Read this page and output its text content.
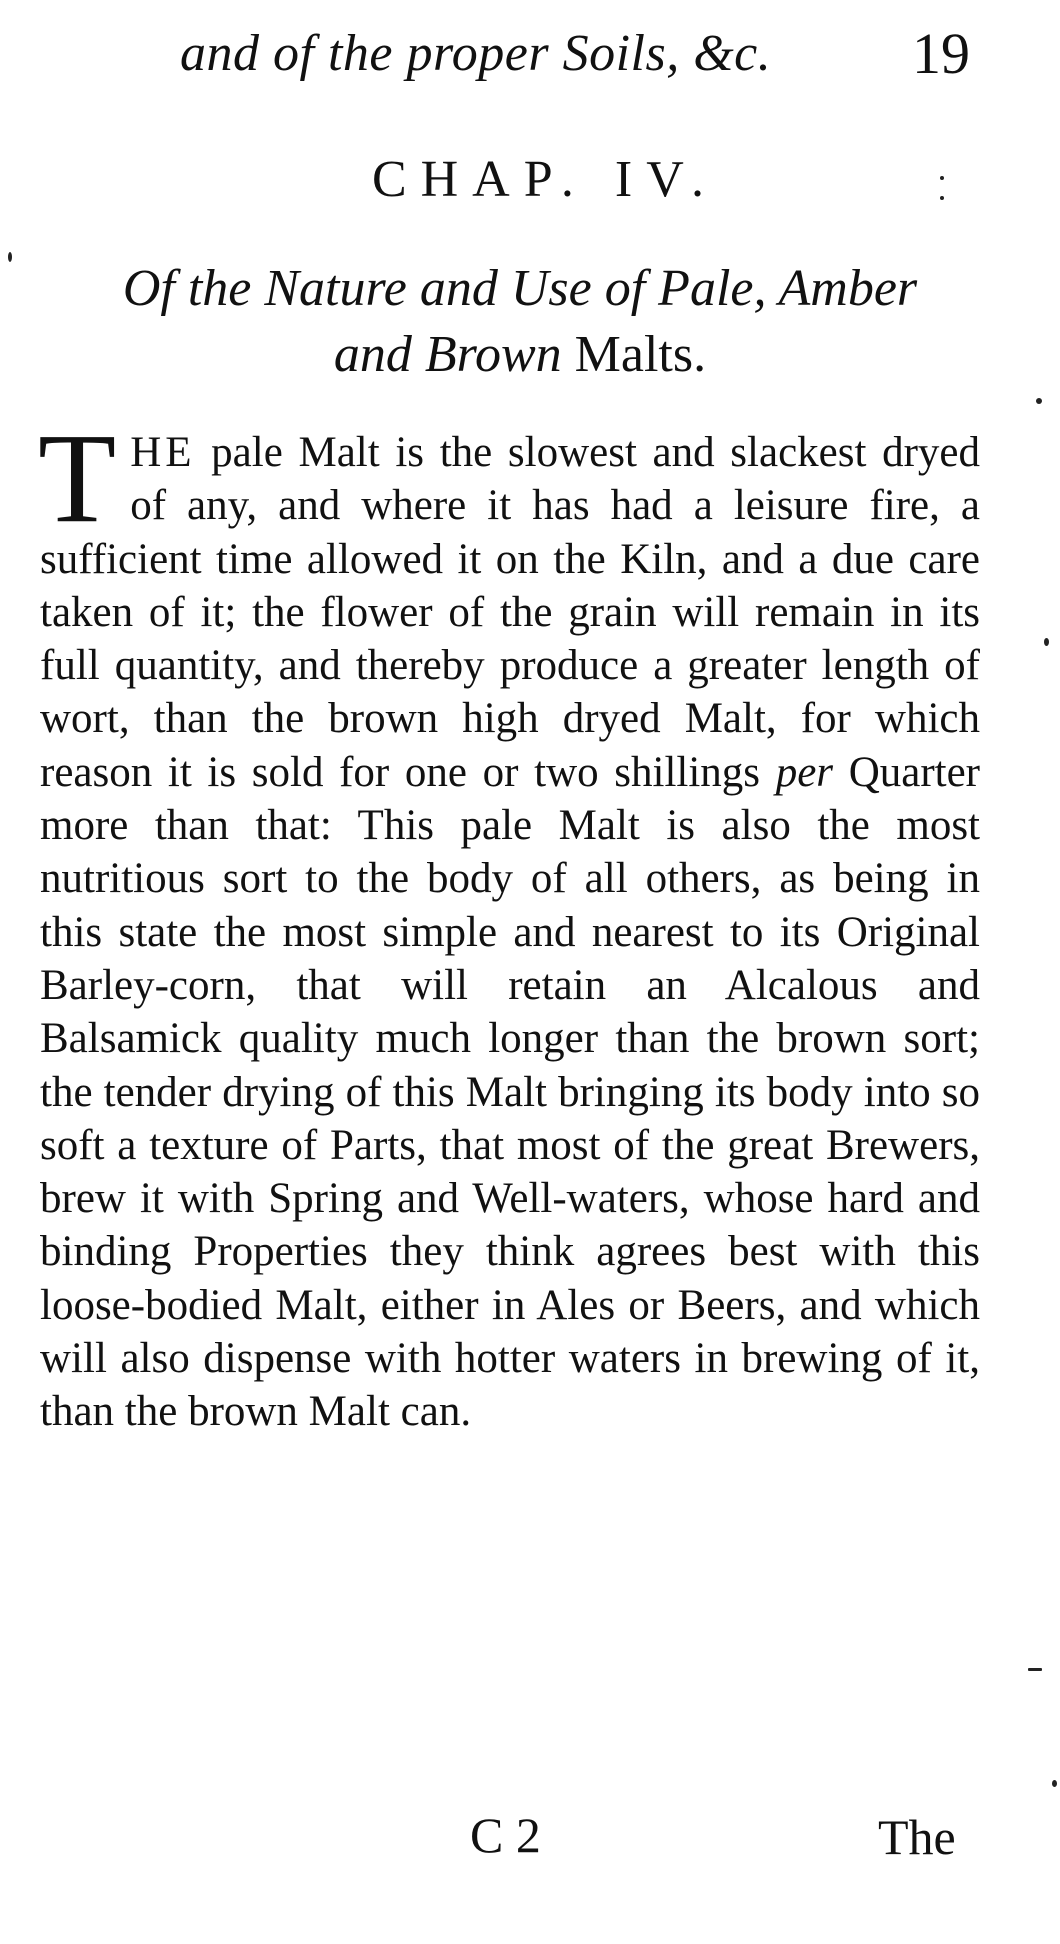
and of the proper Soils, &c. 19
CHAP. IV.
Of the Nature and Use of Pale, Amber
and Brown Malts.
THE pale Malt is the slowest and slackest dryed of any, and where it has had a leisure fire, a sufficient time allowed it on the Kiln, and a due care taken of it; the flower of the grain will remain in its full quantity, and thereby produce a greater length of wort, than the brown high dryed Malt, for which reason it is sold for one or two shillings per Quarter more than that: This pale Malt is also the most nutritious sort to the body of all others, as being in this state the most simple and nearest to its Original Barley-corn, that will retain an Alcalous and Balsamick quality much longer than the brown sort; the tender drying of this Malt bringing its body into so soft a texture of Parts, that most of the great Brewers, brew it with Spring and Well-waters, whose hard and binding Properties they think agrees best with this loose-bodied Malt, either in Ales or Beers, and which will also dispense with hotter waters in brewing of it, than the brown Malt can.
C 2	The
